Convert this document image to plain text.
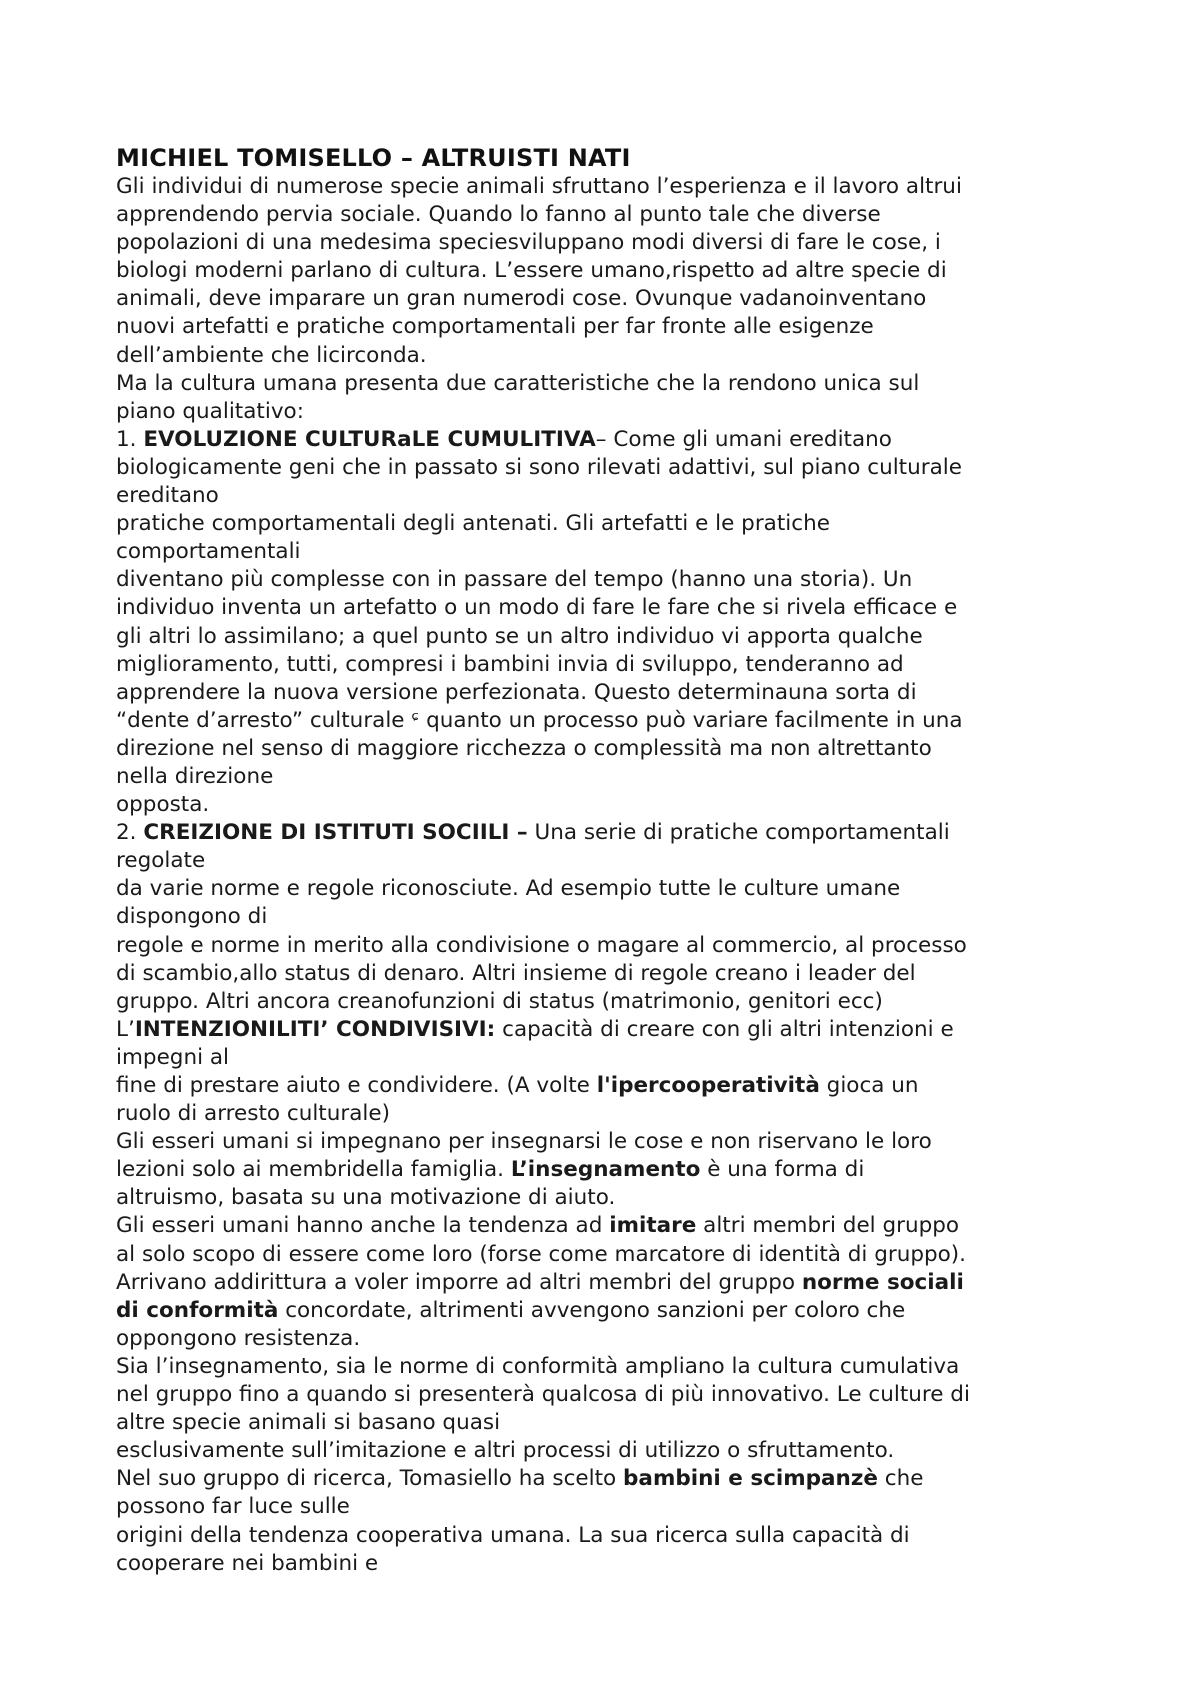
MICHIEL TOMISELLO – ALTRUISTI NATI
Gli individui di numerose specie animali sfruttano l’esperienza e il lavoro altrui
apprendendo pervia sociale. Quando lo fanno al punto tale che diverse
popolazioni di una medesima speciesviluppano modi diversi di fare le cose, i
biologi moderni parlano di cultura. L’essere umano,rispetto ad altre specie di
animali, deve imparare un gran numerodi cose. Ovunque vadanoinventano
nuovi artefatti e pratiche comportamentali per far fronte alle esigenze
dell’ambiente che licirconda.
Ma la cultura umana presenta due caratteristiche che la rendono unica sul
piano qualitativo:
1. EVOLUZIONE CULTURaLE CUMULITIVA– Come gli umani ereditano
biologicamente geni che in passato si sono rilevati adattivi, sul piano culturale
ereditano
pratiche comportamentali degli antenati. Gli artefatti e le pratiche
comportamentali
diventano più complesse con in passare del tempo (hanno una storia). Un
individuo inventa un artefatto o un modo di fare le fare che si rivela efficace e
gli altri lo assimilano; a quel punto se un altro individuo vi apporta qualche
miglioramento, tutti, compresi i bambini invia di sviluppo, tenderanno ad
apprendere la nuova versione perfezionata. Questo determinauna sorta di
“dente d’arresto” culturale ᶝ quanto un processo può variare facilmente in una
direzione nel senso di maggiore ricchezza o complessità ma non altrettanto
nella direzione
opposta.
2. CREIZIONE DI ISTITUTI SOCIILI – Una serie di pratiche comportamentali
regolate
da varie norme e regole riconosciute. Ad esempio tutte le culture umane
dispongono di
regole e norme in merito alla condivisione o magare al commercio, al processo
di scambio,allo status di denaro. Altri insieme di regole creano i leader del
gruppo. Altri ancora creanofunzioni di status (matrimonio, genitori ecc)
L’INTENZIONILITI’ CONDIVISIVI: capacità di creare con gli altri intenzioni e
impegni al
fine di prestare aiuto e condividere. (A volte l'ipercooperatività gioca un
ruolo di arresto culturale)
Gli esseri umani si impegnano per insegnarsi le cose e non riservano le loro
lezioni solo ai membridella famiglia. L’insegnamento è una forma di
altruismo, basata su una motivazione di aiuto.
Gli esseri umani hanno anche la tendenza ad imitare altri membri del gruppo
al solo scopo di essere come loro (forse come marcatore di identità di gruppo).
Arrivano addirittura a voler imporre ad altri membri del gruppo norme sociali
di conformità concordate, altrimenti avvengono sanzioni per coloro che
oppongono resistenza.
Sia l’insegnamento, sia le norme di conformità ampliano la cultura cumulativa
nel gruppo fino a quando si presenterà qualcosa di più innovativo. Le culture di
altre specie animali si basano quasi
esclusivamente sull’imitazione e altri processi di utilizzo o sfruttamento.
Nel suo gruppo di ricerca, Tomasiello ha scelto bambini e scimpanzè che
possono far luce sulle
origini della tendenza cooperativa umana. La sua ricerca sulla capacità di
cooperare nei bambini e
